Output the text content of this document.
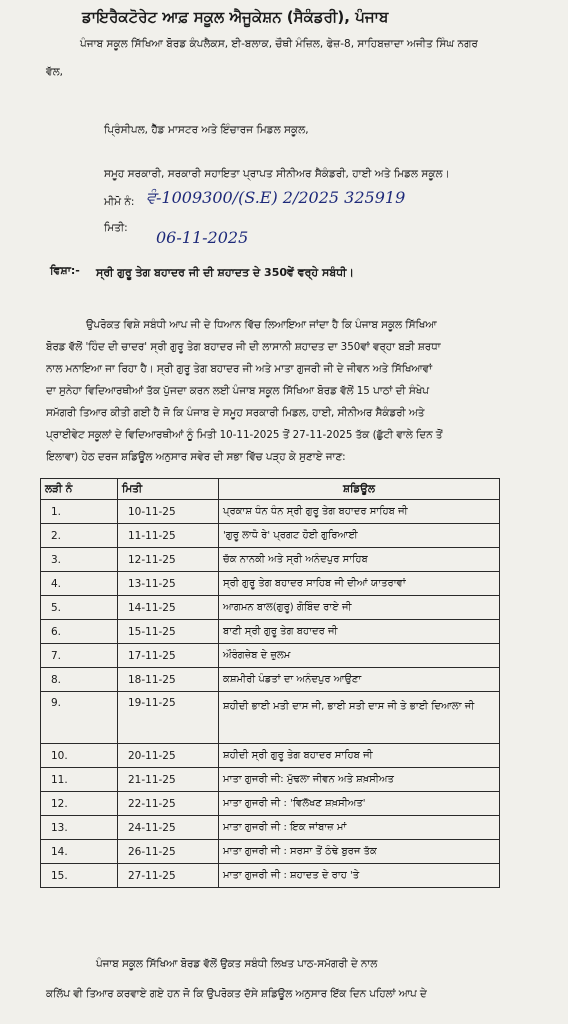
ਡਾਇਰੈਕਟੋਰੇਟ ਆਫ਼ ਸਕੂਲ ਐਜੂਕੇਸ਼ਨ (ਸੈਕੰਡਰੀ), ਪੰਜਾਬ
ਪੰਜਾਬ ਸਕੂਲ ਸਿੱਖਿਆ ਬੋਰਡ ਕੰਪਲੈਕਸ, ਈ-ਬਲਾਕ, ਚੌਥੀ ਮੰਜ਼ਿਲ, ਫੇਜ਼-8, ਸਾਹਿਬਜ਼ਾਦਾ ਅਜੀਤ ਸਿੰਘ ਨਗਰ
ਵੱਲ,
ਪ੍ਰਿੰਸੀਪਲ, ਹੈੱਡ ਮਾਸਟਰ ਅਤੇ ਇੰਚਾਰਜ ਮਿਡਲ ਸਕੂਲ,
ਸਮੂਹ ਸਰਕਾਰੀ, ਸਰਕਾਰੀ ਸਹਾਇਤਾ ਪ੍ਰਾਪਤ ਸੀਨੀਅਰ ਸੈਕੰਡਰੀ, ਹਾਈ ਅਤੇ ਮਿਡਲ ਸਕੂਲ।
ਮੀਮੋ ਨੰ: ਵੰ-1009300/(S.E) 2/2025 325919
ਮਿਤੀ: 06-11-2025
ਵਿਸ਼ਾ:- ਸ੍ਰੀ ਗੁਰੂ ਤੇਗ ਬਹਾਦਰ ਜੀ ਦੀ ਸ਼ਹਾਦਤ ਦੇ 350ਵੇਂ ਵਰ੍ਹੇ ਸਬੰਧੀ।
ਉਪਰੋਕਤ ਵਿਸ਼ੇ ਸਬੰਧੀ ਆਪ ਜੀ ਦੇ ਧਿਆਨ ਵਿੱਚ ਲਿਆਇਆ ਜਾਂਦਾ ਹੈ ਕਿ ਪੰਜਾਬ ਸਕੂਲ ਸਿੱਖਿਆ
ਬੋਰਡ ਵੱਲੋਂ 'ਹਿੰਦ ਦੀ ਚਾਦਰ' ਸ੍ਰੀ ਗੁਰੂ ਤੇਗ ਬਹਾਦਰ ਜੀ ਦੀ ਲਾਸਾਨੀ ਸ਼ਹਾਦਤ ਦਾ 350ਵਾਂ ਵਰ੍ਹਾ ਬੜੀ ਸ਼ਰਧਾ
ਨਾਲ ਮਨਾਇਆ ਜਾ ਰਿਹਾ ਹੈ। ਸ੍ਰੀ ਗੁਰੂ ਤੇਗ ਬਹਾਦਰ ਜੀ ਅਤੇ ਮਾਤਾ ਗੁਜਰੀ ਜੀ ਦੇ ਜੀਵਨ ਅਤੇ ਸਿੱਖਿਆਵਾਂ
ਦਾ ਸੁਨੇਹਾ ਵਿਦਿਆਰਥੀਆਂ ਤੱਕ ਪੁੱਜਦਾ ਕਰਨ ਲਈ ਪੰਜਾਬ ਸਕੂਲ ਸਿੱਖਿਆ ਬੋਰਡ ਵੱਲੋਂ 15 ਪਾਠਾਂ ਦੀ ਸੰਖੇਪ
ਸਮੱਗਰੀ ਤਿਆਰ ਕੀਤੀ ਗਈ ਹੈ ਜੋ ਕਿ ਪੰਜਾਬ ਦੇ ਸਮੂਹ ਸਰਕਾਰੀ ਮਿਡਲ, ਹਾਈ, ਸੀਨੀਅਰ ਸੈਕੰਡਰੀ ਅਤੇ
ਪ੍ਰਾਈਵੇਟ ਸਕੂਲਾਂ ਦੇ ਵਿਦਿਆਰਥੀਆਂ ਨੂੰ ਮਿਤੀ 10-11-2025 ਤੋਂ 27-11-2025 ਤੱਕ (ਛੁੱਟੀ ਵਾਲੇ ਦਿਨ ਤੋਂ
ਇਲਾਵਾ) ਹੇਠ ਦਰਜ ਸ਼ਡਿਊਲ ਅਨੁਸਾਰ ਸਵੇਰ ਦੀ ਸਭਾ ਵਿੱਚ ਪੜ੍ਹ ਕੇ ਸੁਣਾਏ ਜਾਣ:
ਲੜੀ ਨੰ	ਮਿਤੀ	ਸ਼ਡਿਊਲ
1.	10-11-25	ਪ੍ਰਕਾਸ਼ ਧੰਨ ਧੰਨ ਸ੍ਰੀ ਗੁਰੂ ਤੇਗ ਬਹਾਦਰ ਸਾਹਿਬ ਜੀ
2.	11-11-25	'ਗੁਰੂ ਲਾਧੋ ਰੇ' ਪ੍ਰਗਟ ਹੋਈ ਗੁਰਿਆਈ
3.	12-11-25	ਚੱਕ ਨਾਨਕੀ ਅਤੇ ਸ੍ਰੀ ਅਨੰਦਪੁਰ ਸਾਹਿਬ
4.	13-11-25	ਸ੍ਰੀ ਗੁਰੂ ਤੇਗ ਬਹਾਦਰ ਸਾਹਿਬ ਜੀ ਦੀਆਂ ਯਾਤਰਾਵਾਂ
5.	14-11-25	ਆਗਮਨ ਬਾਲ(ਗੁਰੂ) ਗੋਬਿੰਦ ਰਾਏ ਜੀ
6.	15-11-25	ਬਾਣੀ ਸ੍ਰੀ ਗੁਰੂ ਤੇਗ ਬਹਾਦਰ ਜੀ
7.	17-11-25	ਔਰੰਗਜ਼ੇਬ ਦੇ ਜ਼ੁਲਮ
8.	18-11-25	ਕਸ਼ਮੀਰੀ ਪੰਡਤਾਂ ਦਾ ਅਨੰਦਪੁਰ ਆਉਣਾ
9.	19-11-25	ਸ਼ਹੀਦੀ ਭਾਈ ਮਤੀ ਦਾਸ ਜੀ, ਭਾਈ ਸਤੀ ਦਾਸ ਜੀ ਤੇ ਭਾਈ ਦਿਆਲਾ ਜੀ
10.	20-11-25	ਸ਼ਹੀਦੀ ਸ੍ਰੀ ਗੁਰੂ ਤੇਗ ਬਹਾਦਰ ਸਾਹਿਬ ਜੀ
11.	21-11-25	ਮਾਤਾ ਗੁਜਰੀ ਜੀ: ਮੁੱਢਲਾ ਜੀਵਨ ਅਤੇ ਸ਼ਖ਼ਸੀਅਤ
12.	22-11-25	ਮਾਤਾ ਗੁਜਰੀ ਜੀ : 'ਵਿਲੱਖਣ ਸ਼ਖ਼ਸੀਅਤ'
13.	24-11-25	ਮਾਤਾ ਗੁਜਰੀ ਜੀ : ਇਕ ਜਾਂਬਾਜ਼ ਮਾਂ
14.	26-11-25	ਮਾਤਾ ਗੁਜਰੀ ਜੀ : ਸਰਸਾ ਤੋਂ ਠੰਢੇ ਬੁਰਜ ਤੱਕ
15.	27-11-25	ਮਾਤਾ ਗੁਜਰੀ ਜੀ : ਸ਼ਹਾਦਤ ਦੇ ਰਾਹ 'ਤੇ
ਪੰਜਾਬ ਸਕੂਲ ਸਿੱਖਿਆ ਬੋਰਡ ਵੱਲੋਂ ਉਕਤ ਸਬੰਧੀ ਲਿਖਤ ਪਾਠ-ਸਮੱਗਰੀ ਦੇ ਨਾਲ
ਕਲਿੱਪ ਵੀ ਤਿਆਰ ਕਰਵਾਏ ਗਏ ਹਨ ਜੋ ਕਿ ਉਪਰੋਕਤ ਦੱਸੇ ਸ਼ਡਿਊਲ ਅਨੁਸਾਰ ਇੱਕ ਦਿਨ ਪਹਿਲਾਂ ਆਪ ਦੇ
